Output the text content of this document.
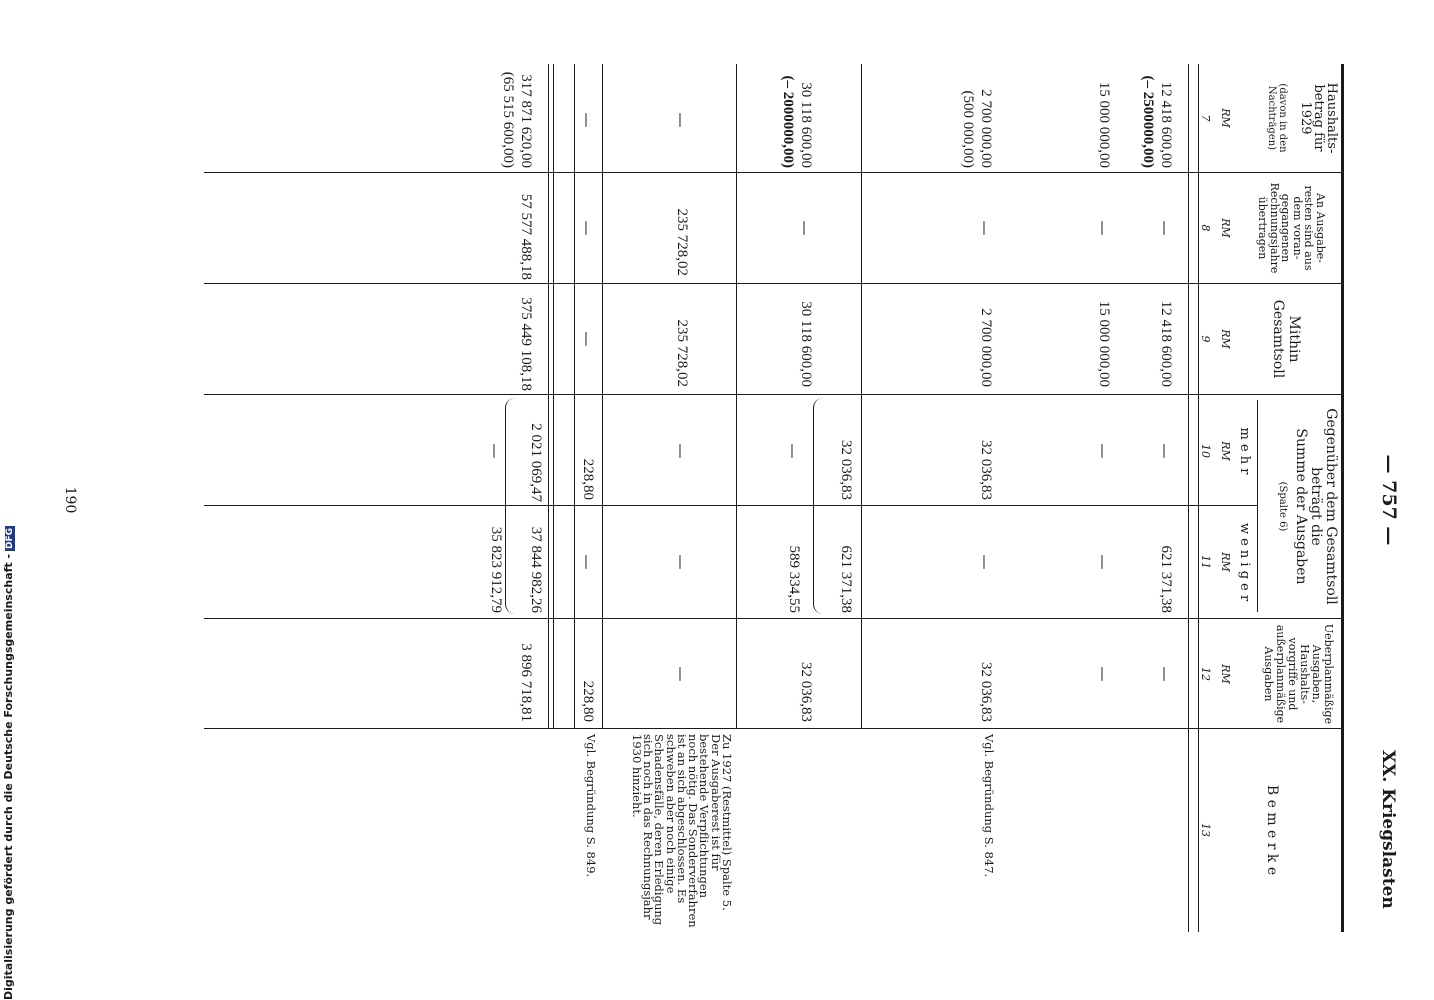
— 757 —
XX. Kriegslasten
Haushalts-
betrag für
1929
(davon in den
Nachträgen)
RM
7
An Ausgabe-
resten sind aus
dem voran-
gegangenen
Rechnungsjahre
übertragen
RM
8
Mithin
Gesamtsoll
RM
9
Gegenüber dem Gesamtsoll
beträgt die
Summe der Ausgaben
(Spalte 6)
m e h r
RM
10
w e n i g e r
RM
11
Ueberplanmäßige
Ausgaben,
Haushalts-
vorgriffe und
außerplanmäßige
Ausgaben
RM
12
B e m e r k e
13
12 418 600,00
(– 2500000,00)
—
12 418 600,00
—
621 371,38
—
15 000 000,00
—
15 000 000,00
—
—
—
2 700 000,00
(500 000,00)
—
2 700 000,00
32 036,83
—
32 036,83
Vgl. Begründung S. 847.
30 118 600,00
(– 2000000,00)
—
30 118 600,00
32 036,83
—
621 371,38
589 334,55
32 036,83
—
235 728,02
235 728,02
—
—
—
Zu 1927 (Restmittel) Spalte 5. Der Ausgaberest ist für bestehende Verpflichtungen noch nötig. Das Sonderverfahren ist an sich abgeschlossen. Es schweben aber noch einige Schadensfälle, deren Erledigung sich noch in das Rechnungsjahr 1930 hinzieht.
—
—
—
228,80
—
228,80
Vgl. Begründung S. 849.
317 871 620,00
(65 515 600,00)
57 577 488,18
375 449 108,18
2 021 069,47
—
37 844 982,26
35 823 912,79
3 896 718,81
190
Digitalisierung gefördert durch die Deutsche Forschungsgemeinschaft -DFG
